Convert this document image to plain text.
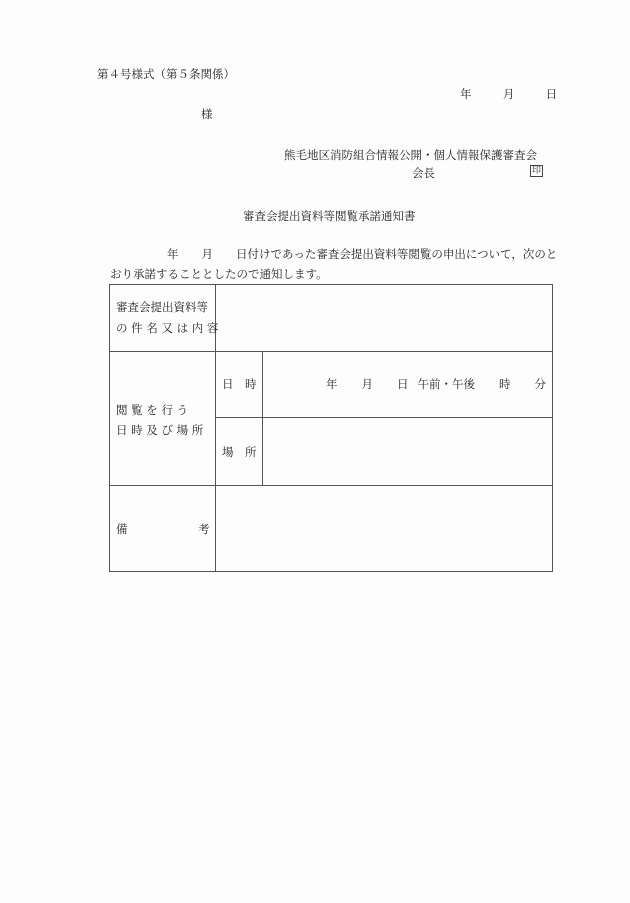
第４号様式（第５条関係）
年	月	日
様
熊毛地区消防組合情報公開・個人情報保護審査会
会長	印
審査会提出資料等閲覧承諾通知書
年　　月　　日付けであった審査会提出資料等閲覧の申出について，次のと
おり承諾することとしたので通知します。
審査会提出資料等
の 件 名 又 は 内 容
閲 覧 を 行 う
日 時 及 び 場 所
日　時	年 月 日 午前・午後 時 分
場　所
備	考
